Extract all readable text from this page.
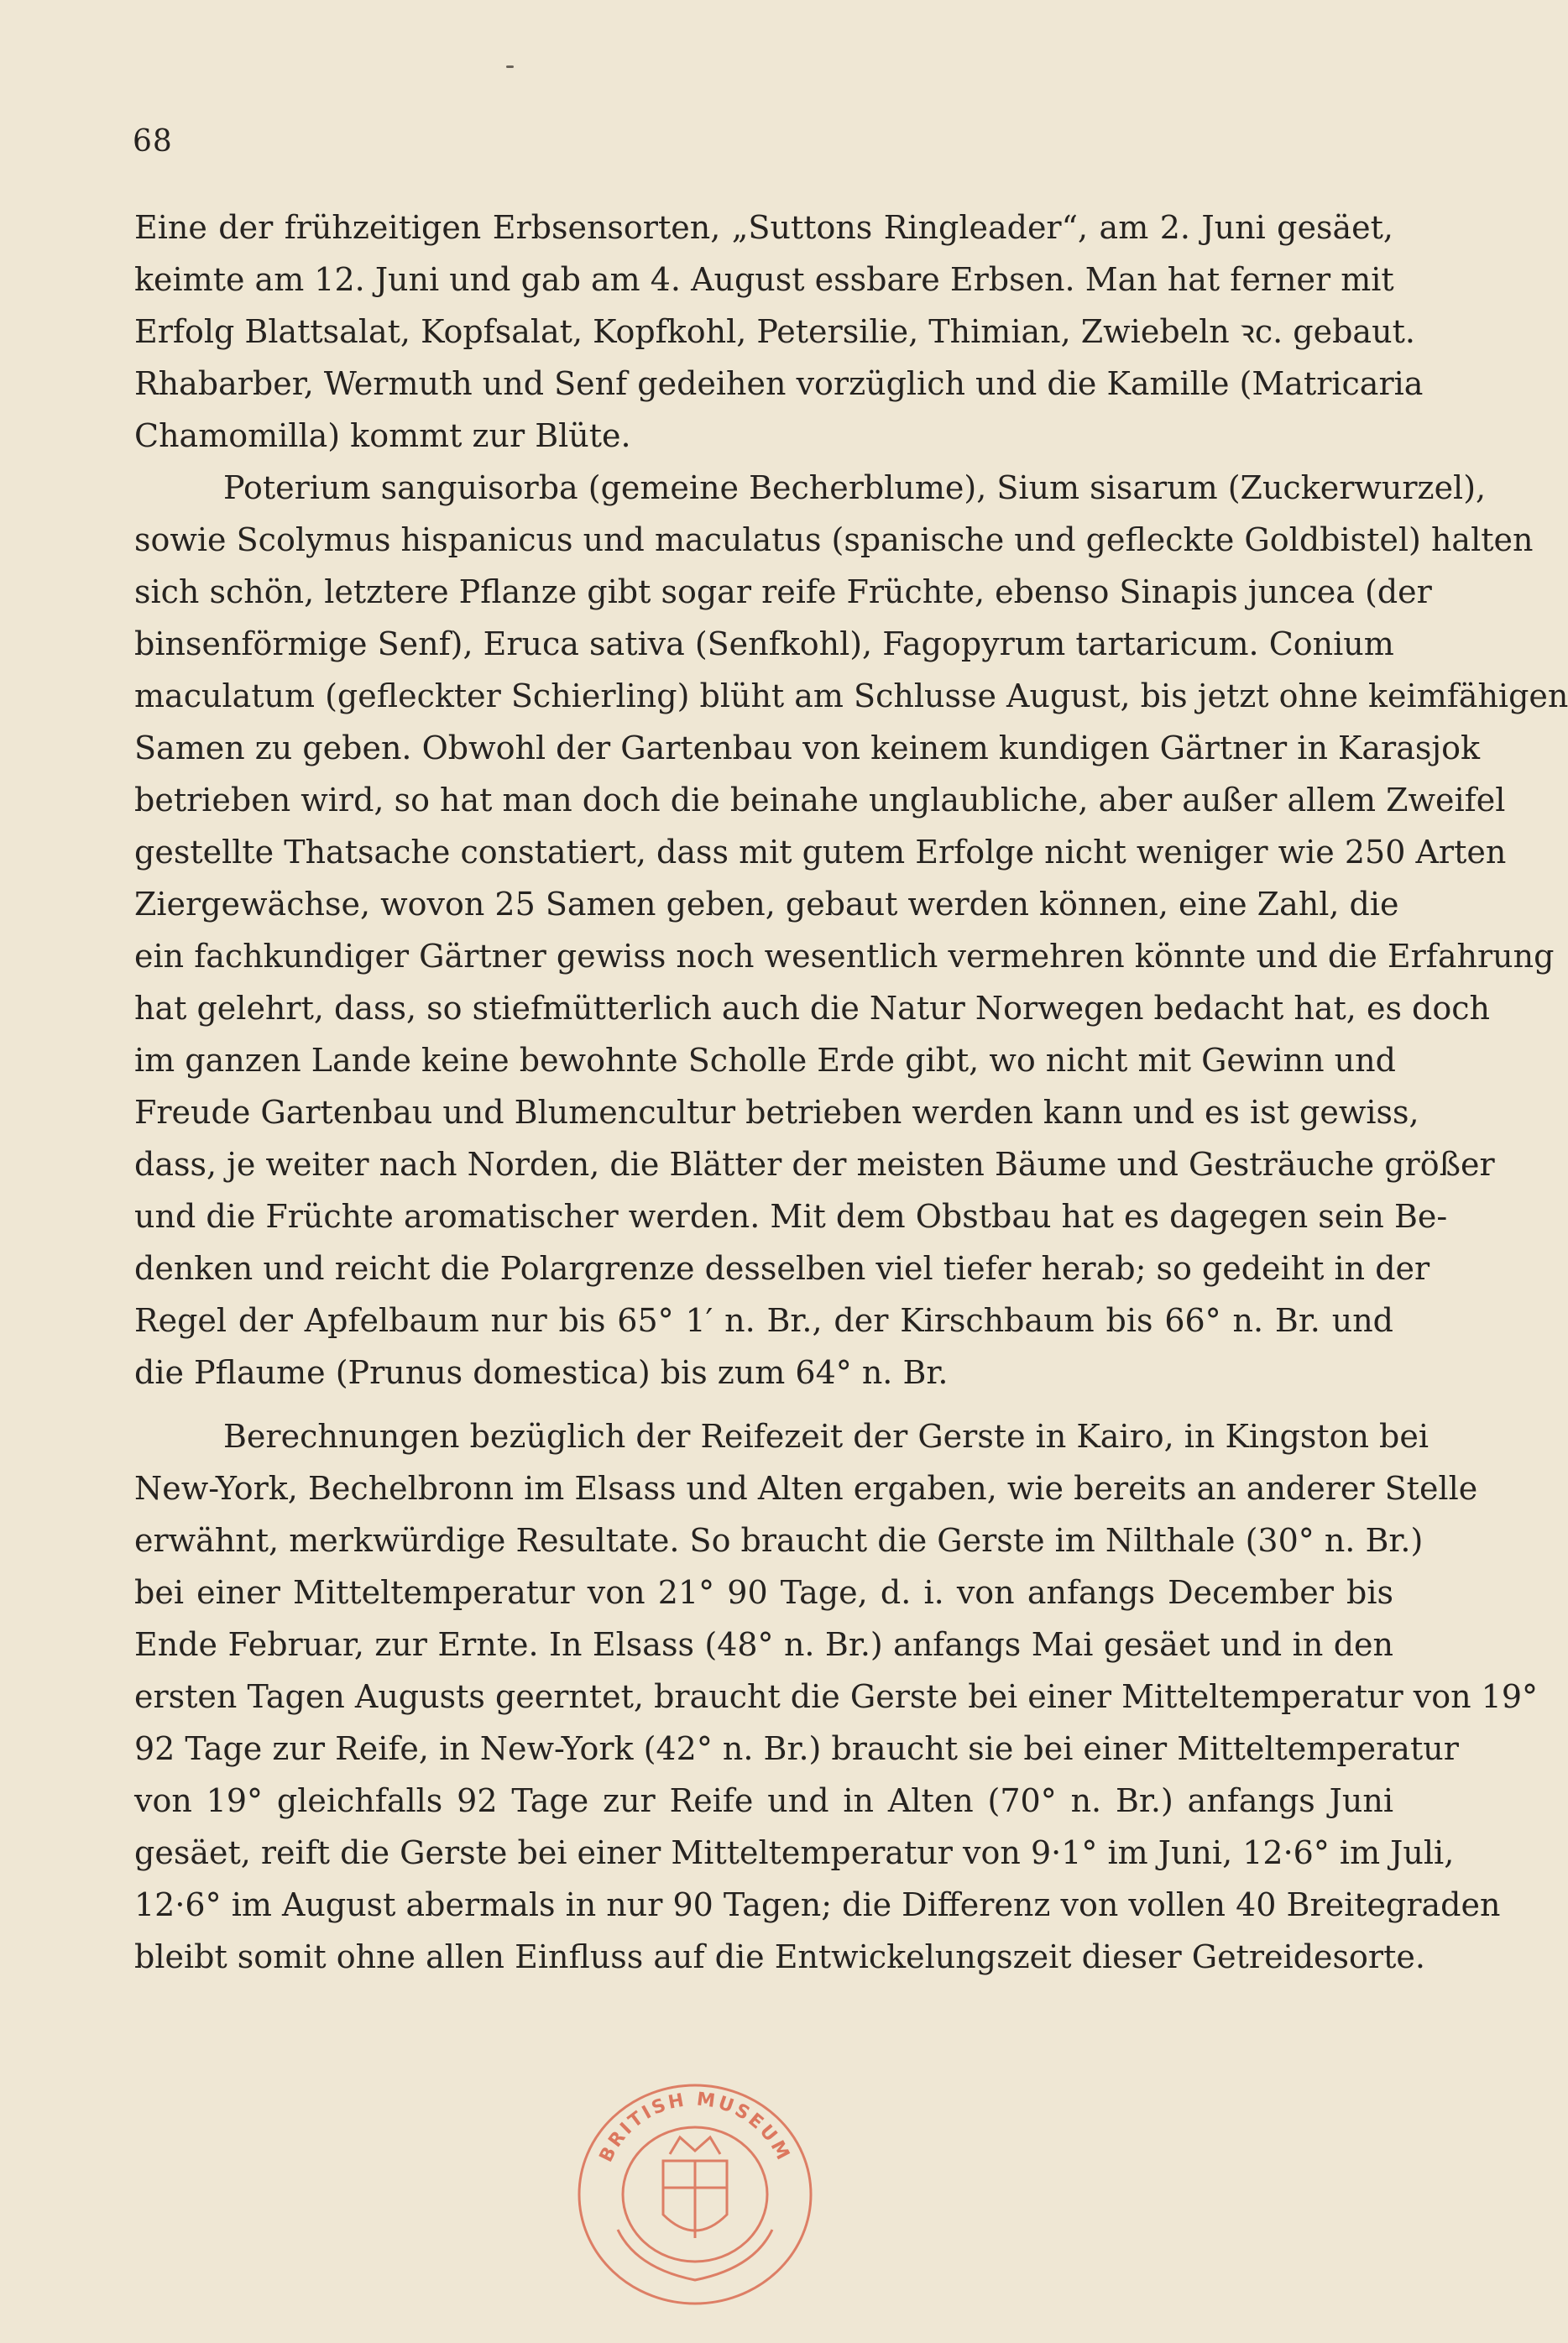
68
Eine der frühzeitigen Erbsensorten, „Suttons Ringleader“, am 2. Juni gesäet,
keimte am 12. Juni und gab am 4. August essbare Erbsen. Man hat ferner mit
Erfolg Blattsalat, Kopfsalat, Kopfkohl, Petersilie, Thimian, Zwiebeln ꝛc. gebaut.
Rhabarber, Wermuth und Senf gedeihen vorzüglich und die Kamille (Matricaria
Chamomilla) kommt zur Blüte.
Poterium sanguisorba (gemeine Becherblume), Sium sisarum (Zuckerwurzel),
sowie Scolymus hispanicus und maculatus (spanische und gefleckte Goldbistel) halten
sich schön, letztere Pflanze gibt sogar reife Früchte, ebenso Sinapis juncea (der
binsenförmige Senf), Eruca sativa (Senfkohl), Fagopyrum tartaricum. Conium
maculatum (gefleckter Schierling) blüht am Schlusse August, bis jetzt ohne keimfähigen
Samen zu geben. Obwohl der Gartenbau von keinem kundigen Gärtner in Karasjok
betrieben wird, so hat man doch die beinahe unglaubliche, aber außer allem Zweifel
gestellte Thatsache constatiert, dass mit gutem Erfolge nicht weniger wie 250 Arten
Ziergewächse, wovon 25 Samen geben, gebaut werden können, eine Zahl, die
ein fachkundiger Gärtner gewiss noch wesentlich vermehren könnte und die Erfahrung
hat gelehrt, dass, so stiefmütterlich auch die Natur Norwegen bedacht hat, es doch
im ganzen Lande keine bewohnte Scholle Erde gibt, wo nicht mit Gewinn und
Freude Gartenbau und Blumencultur betrieben werden kann und es ist gewiss,
dass, je weiter nach Norden, die Blätter der meisten Bäume und Gesträuche größer
und die Früchte aromatischer werden. Mit dem Obstbau hat es dagegen sein Be-
denken und reicht die Polargrenze desselben viel tiefer herab; so gedeiht in der
Regel der Apfelbaum nur bis 65° 1′ n. Br., der Kirschbaum bis 66° n. Br. und
die Pflaume (Prunus domestica) bis zum 64° n. Br.
Berechnungen bezüglich der Reifezeit der Gerste in Kairo, in Kingston bei
New-York, Bechelbronn im Elsass und Alten ergaben, wie bereits an anderer Stelle
erwähnt, merkwürdige Resultate. So braucht die Gerste im Nilthale (30° n. Br.)
bei einer Mitteltemperatur von 21° 90 Tage, d. i. von anfangs December bis
Ende Februar, zur Ernte. In Elsass (48° n. Br.) anfangs Mai gesäet und in den
ersten Tagen Augusts geerntet, braucht die Gerste bei einer Mitteltemperatur von 19°
92 Tage zur Reife, in New-York (42° n. Br.) braucht sie bei einer Mitteltemperatur
von 19° gleichfalls 92 Tage zur Reife und in Alten (70° n. Br.) anfangs Juni
gesäet, reift die Gerste bei einer Mitteltemperatur von 9·1° im Juni, 12·6° im Juli,
12·6° im August abermals in nur 90 Tagen; die Differenz von vollen 40 Breitegraden
bleibt somit ohne allen Einfluss auf die Entwickelungszeit dieser Getreidesorte.
BRITISH MUSEUM
